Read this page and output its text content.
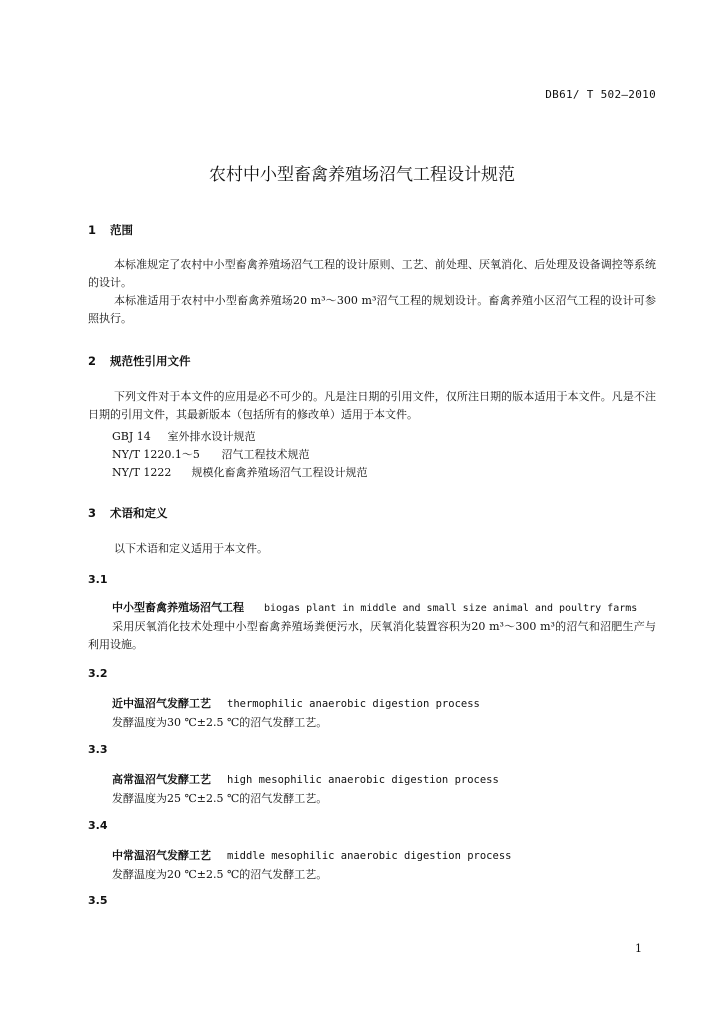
DB61/ T 502—2010
农村中小型畜禽养殖场沼气工程设计规范
1 范围

本标准规定了农村中小型畜禽养殖场沼气工程的设计原则、工艺、前处理、厌氧消化、后处理及设备调控等系统的设计。

本标准适用于农村中小型畜禽养殖场20 m³～300 m³沼气工程的规划设计。畜禽养殖小区沼气工程的设计可参照执行。

2 规范性引用文件

下列文件对于本文件的应用是必不可少的。凡是注日期的引用文件，仅所注日期的版本适用于本文件。凡是不注日期的引用文件，其最新版本（包括所有的修改单）适用于本文件。

GBJ 14 室外排水设计规范
NY/T 1220.1～5 沼气工程技术规范
NY/T 1222 规模化畜禽养殖场沼气工程设计规范
3 术语和定义

以下术语和定义适用于本文件。

3.1
中小型畜禽养殖场沼气工程 biogas plant in middle and small size animal and poultry farms

采用厌氧消化技术处理中小型畜禽养殖场粪便污水，厌氧消化装置容积为20 m³～300 m³的沼气和沼肥生产与利用设施。

3.2
近中温沼气发酵工艺 thermophilic anaerobic digestion process
发酵温度为30 ℃±2.5 ℃的沼气发酵工艺。
3.3
高常温沼气发酵工艺 high mesophilic anaerobic digestion process
发酵温度为25 ℃±2.5 ℃的沼气发酵工艺。
3.4
中常温沼气发酵工艺 middle mesophilic anaerobic digestion process
发酵温度为20 ℃±2.5 ℃的沼气发酵工艺。
3.5
1
